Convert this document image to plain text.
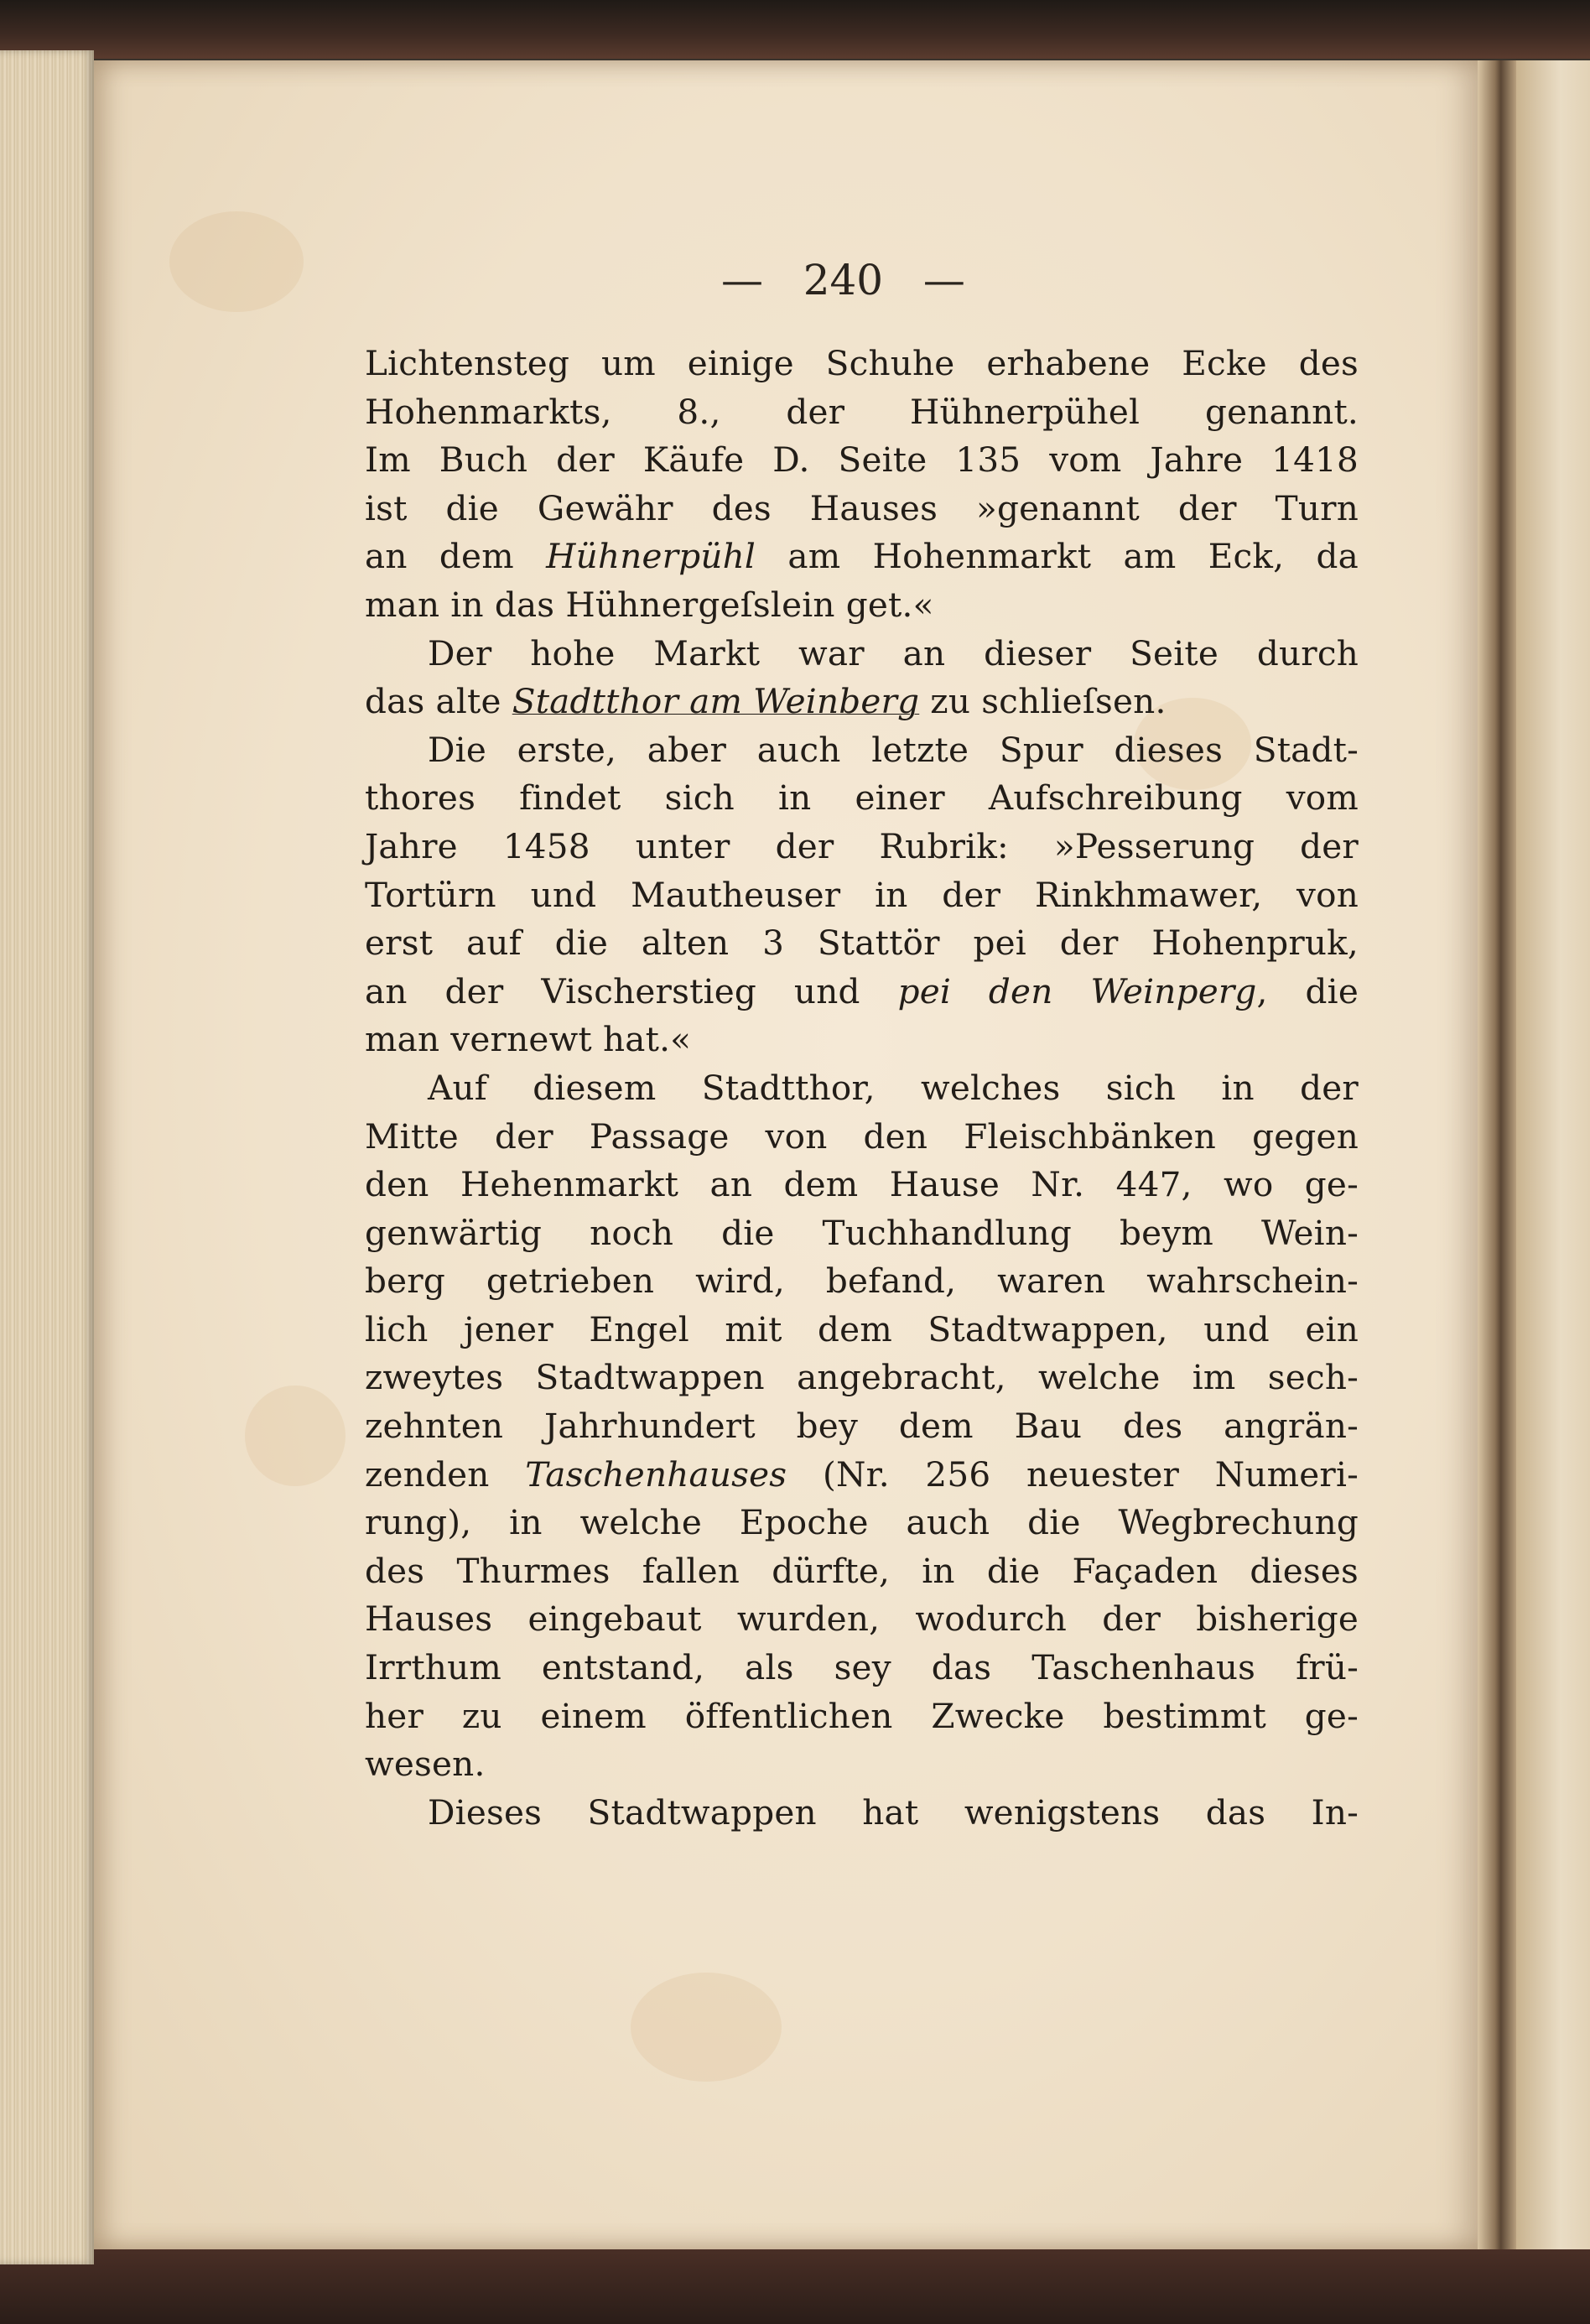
— 240 —
Lichtensteg um einige Schuhe erhabene Ecke des
Hohenmarkts, 8., der Hühnerpühel genannt.
Im Buch der Käufe D. Seite 135 vom Jahre 1418
ist die Gewähr des Hauses »genannt der Turn
an dem Hühnerpühl am Hohenmarkt am Eck, da
man in das Hühnergeſslein get.«
Der hohe Markt war an dieser Seite durch
das alte Stadtthor am Weinberg zu schlieſsen.
Die erste, aber auch letzte Spur dieses Stadt-
thores findet sich in einer Aufschreibung vom
Jahre 1458 unter der Rubrik: »Pesserung der
Tortürn und Mautheuser in der Rinkhmawer, von
erst auf die alten 3 Stattör pei der Hohenpruk,
an der Vischerstieg und pei den Weinperg, die
man vernewt hat.«
Auf diesem Stadtthor, welches sich in der
Mitte der Passage von den Fleischbänken gegen
den Hehenmarkt an dem Hause Nr. 447, wo ge-
genwärtig noch die Tuchhandlung beym Wein-
berg getrieben wird, befand, waren wahrschein-
lich jener Engel mit dem Stadtwappen, und ein
zweytes Stadtwappen angebracht, welche im sech-
zehnten Jahrhundert bey dem Bau des angrän-
zenden Taschenhauses (Nr. 256 neuester Numeri-
rung), in welche Epoche auch die Wegbrechung
des Thurmes fallen dürfte, in die Façaden dieses
Hauses eingebaut wurden, wodurch der bisherige
Irrthum entstand, als sey das Taschenhaus frü-
her zu einem öffentlichen Zwecke bestimmt ge-
wesen.
Dieses Stadtwappen hat wenigstens das In-
